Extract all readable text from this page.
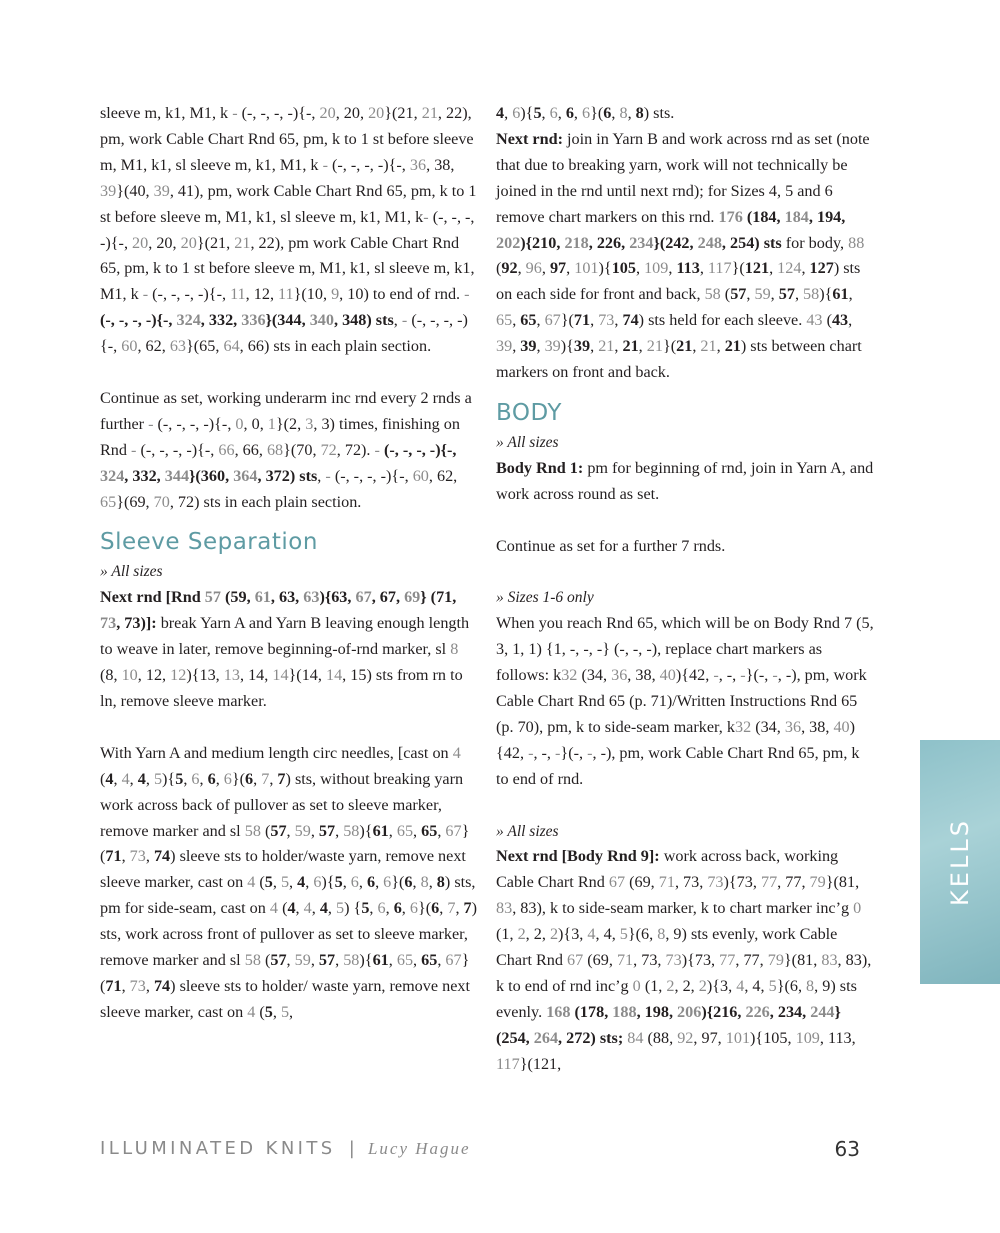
sleeve m, k1, M1, k - (-, -, -, -){-, 20, 20, 20}(21, 21, 22), pm, work Cable Chart Rnd 65, pm, k to 1 st before sleeve m, M1, k1, sl sleeve m, k1, M1, k - (-, -, -, -){-, 36, 38, 39}(40, 39, 41), pm, work Cable Chart Rnd 65, pm, k to 1 st before sleeve m, M1, k1, sl sleeve m, k1, M1, k- (-, -, -, -){-, 20, 20, 20}(21, 21, 22), pm work Cable Chart Rnd 65, pm, k to 1 st before sleeve m, M1, k1, sl sleeve m, k1, M1, k - (-, -, -, -){-, 11, 12, 11}(10, 9, 10) to end of rnd. - (-, -, -, -){-, 324, 332, 336}(344, 340, 348) sts, - (-, -, -, -){-, 60, 62, 63}(65, 64, 66) sts in each plain section.

Continue as set, working underarm inc rnd every 2 rnds a further - (-, -, -, -){-, 0, 0, 1}(2, 3, 3) times, finishing on Rnd - (-, -, -, -){-, 66, 66, 68}(70, 72, 72). - (-, -, -, -){-, 324, 332, 344}(360, 364, 372) sts, - (-, -, -, -){-, 60, 62, 65}(69, 70, 72) sts in each plain section.

Sleeve Separation

» All sizes

Next rnd [Rnd 57 (59, 61, 63, 63){63, 67, 67, 69} (71, 73, 73)]: break Yarn A and Yarn B leaving enough length to weave in later, remove beginning-of-rnd marker, sl 8 (8, 10, 12, 12){13, 13, 14, 14}(14, 14, 15) sts from rn to ln, remove sleeve marker.

With Yarn A and medium length circ needles, [cast on 4 (4, 4, 4, 5){5, 6, 6, 6}(6, 7, 7) sts, without breaking yarn work across back of pullover as set to sleeve marker, remove marker and sl 58 (57, 59, 57, 58){61, 65, 65, 67}(71, 73, 74) sleeve sts to holder/waste yarn, remove next sleeve marker, cast on 4 (5, 5, 4, 6){5, 6, 6, 6}(6, 8, 8) sts, pm for side-seam, cast on 4 (4, 4, 4, 5) {5, 6, 6, 6}(6, 7, 7) sts, work across front of pullover as set to sleeve marker, remove marker and sl 58 (57, 59, 57, 58){61, 65, 65, 67}(71, 73, 74) sleeve sts to holder/ waste yarn, remove next sleeve marker, cast on 4 (5, 5,

4, 6){5, 6, 6, 6}(6, 8, 8) sts.

Next rnd: join in Yarn B and work across rnd as set (note that due to breaking yarn, work will not technically be joined in the rnd until next rnd); for Sizes 4, 5 and 6 remove chart markers on this rnd. 176 (184, 184, 194, 202){210, 218, 226, 234}(242, 248, 254) sts for body, 88 (92, 96, 97, 101){105, 109, 113, 117}(121, 124, 127) sts on each side for front and back, 58 (57, 59, 57, 58){61, 65, 65, 67}(71, 73, 74) sts held for each sleeve. 43 (43, 39, 39, 39){39, 21, 21, 21}(21, 21, 21) sts between chart markers on front and back.

BODY

» All sizes

Body Rnd 1: pm for beginning of rnd, join in Yarn A, and work across round as set.

Continue as set for a further 7 rnds.

» Sizes 1-6 only

When you reach Rnd 65, which will be on Body Rnd 7 (5, 3, 1, 1) {1, -, -, -} (-, -, -), replace chart markers as follows: k32 (34, 36, 38, 40){42, -, -, -}(-, -, -), pm, work Cable Chart Rnd 65 (p. 71)/Written Instructions Rnd 65 (p. 70), pm, k to side-seam marker, k32 (34, 36, 38, 40){42, -, -, -}(-, -, -), pm, work Cable Chart Rnd 65, pm, k to end of rnd.

» All sizes

Next rnd [Body Rnd 9]: work across back, working Cable Chart Rnd 67 (69, 71, 73, 73){73, 77, 77, 79}(81, 83, 83), k to side-seam marker, k to chart marker inc’g 0 (1, 2, 2, 2){3, 4, 4, 5}(6, 8, 9) sts evenly, work Cable Chart Rnd 67 (69, 71, 73, 73){73, 77, 77, 79}(81, 83, 83), k to end of rnd inc’g 0 (1, 2, 2, 2){3, 4, 4, 5}(6, 8, 9) sts evenly. 168 (178, 188, 198, 206){216, 226, 234, 244}(254, 264, 272) sts; 84 (88, 92, 97, 101){105, 109, 113, 117}(121,

KELLS
ILLUMINATED KNITS | Lucy Hague	63
